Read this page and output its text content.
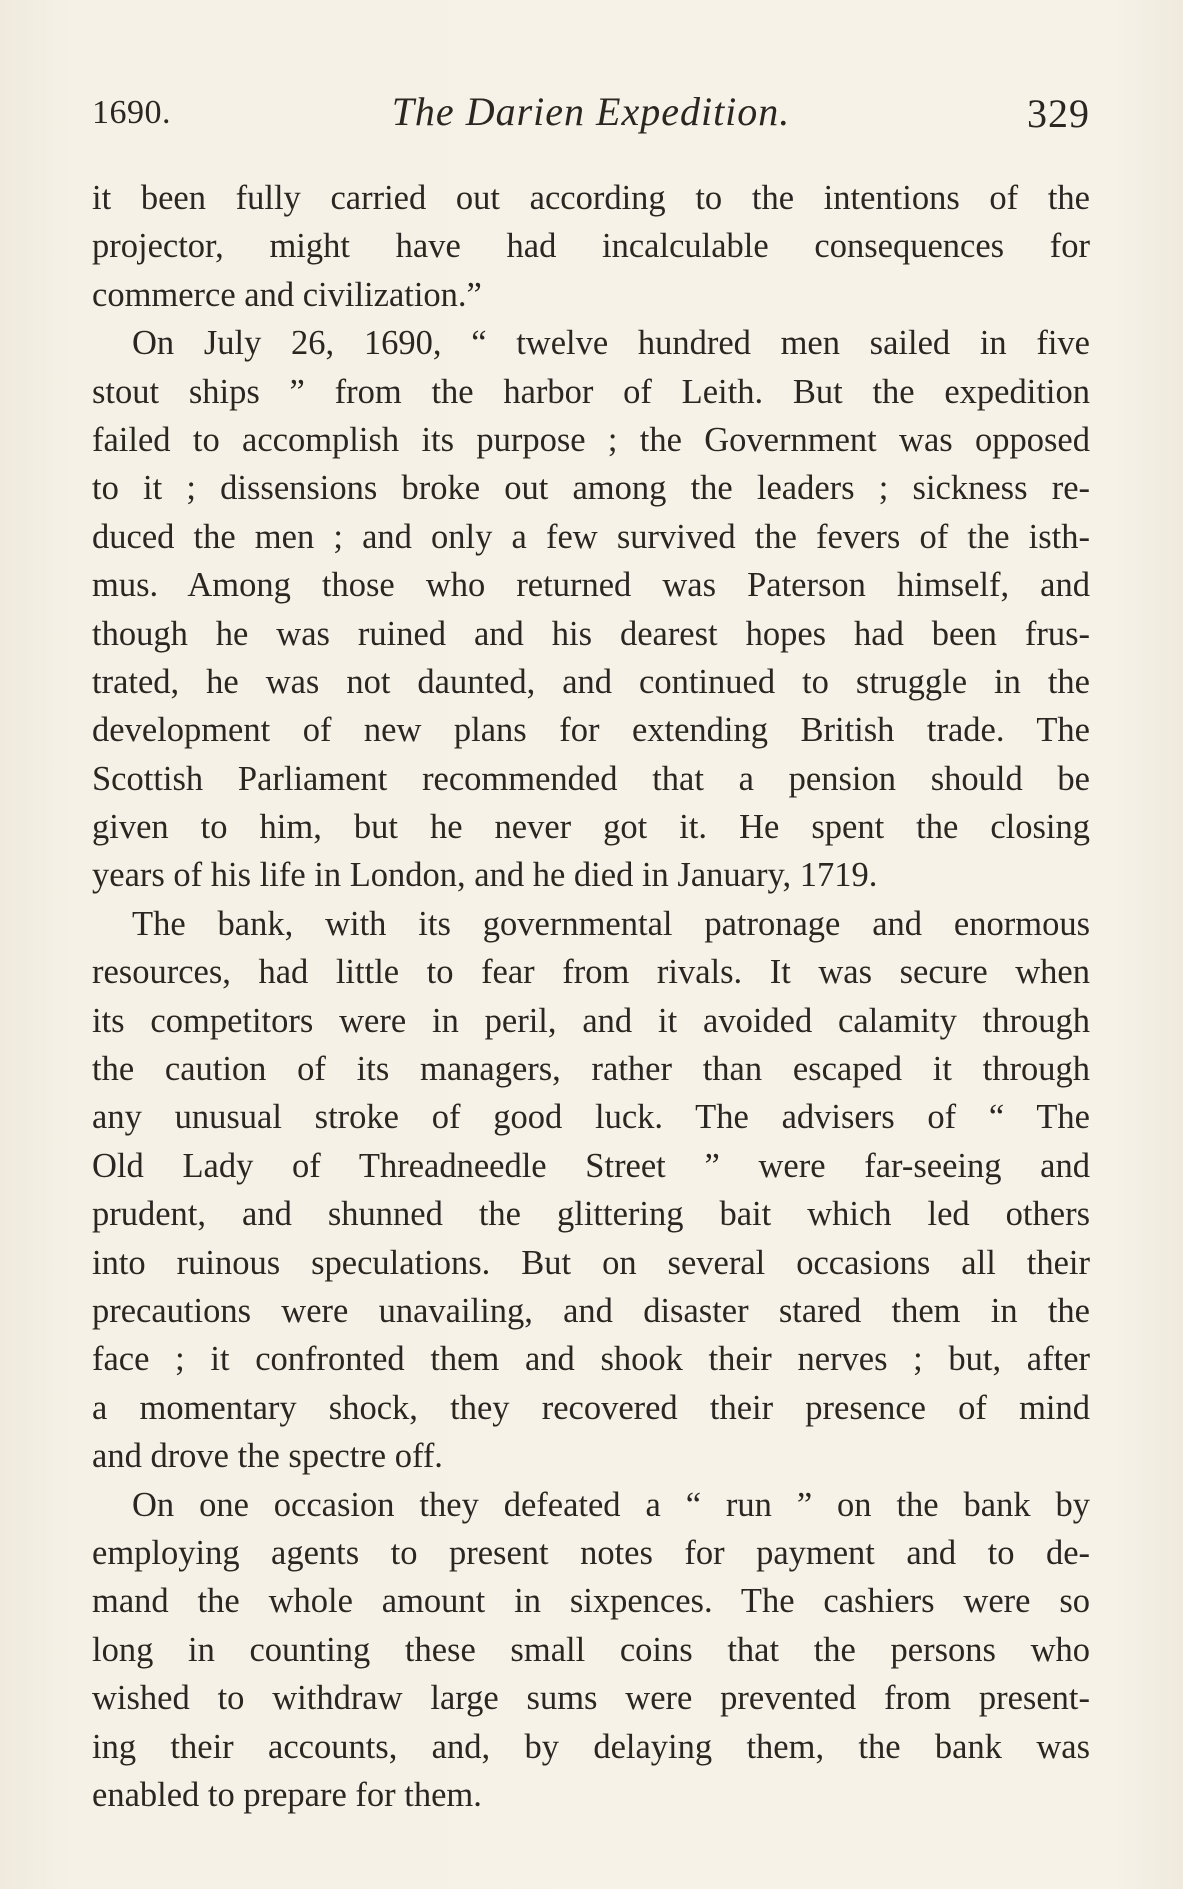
1690.	The Darien Expedition.	329
it been fully carried out according to the intentions of the
projector, might have had incalculable consequences for
commerce and civilization.”
On July 26, 1690, “ twelve hundred men sailed in five
stout ships ” from the harbor of Leith. But the expedition
failed to accomplish its purpose ; the Government was opposed
to it ; dissensions broke out among the leaders ; sickness re-
duced the men ; and only a few survived the fevers of the isth-
mus. Among those who returned was Paterson himself, and
though he was ruined and his dearest hopes had been frus-
trated, he was not daunted, and continued to struggle in the
development of new plans for extending British trade. The
Scottish Parliament recommended that a pension should be
given to him, but he never got it. He spent the closing
years of his life in London, and he died in January, 1719.
The bank, with its governmental patronage and enormous
resources, had little to fear from rivals. It was secure when
its competitors were in peril, and it avoided calamity through
the caution of its managers, rather than escaped it through
any unusual stroke of good luck. The advisers of “ The
Old Lady of Threadneedle Street ” were far-seeing and
prudent, and shunned the glittering bait which led others
into ruinous speculations. But on several occasions all their
precautions were unavailing, and disaster stared them in the
face ; it confronted them and shook their nerves ; but, after
a momentary shock, they recovered their presence of mind
and drove the spectre off.
On one occasion they defeated a “ run ” on the bank by
employing agents to present notes for payment and to de-
mand the whole amount in sixpences. The cashiers were so
long in counting these small coins that the persons who
wished to withdraw large sums were prevented from present-
ing their accounts, and, by delaying them, the bank was
enabled to prepare for them.
